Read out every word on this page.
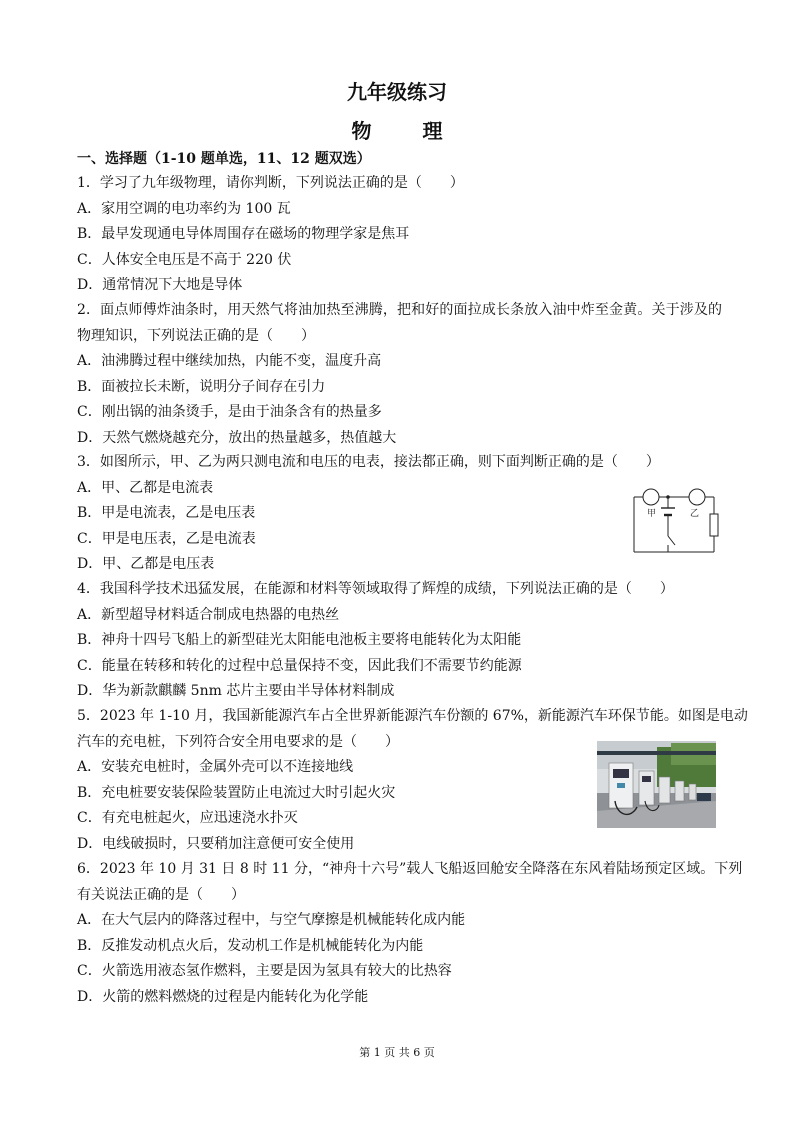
九年级练习
物 理
一、选择题（1-10 题单选，11、12 题双选）

1．学习了九年级物理，请你判断，下列说法正确的是（　　）

A．家用空调的电功率约为 100 瓦

B．最早发现通电导体周围存在磁场的物理学家是焦耳

C．人体安全电压是不高于 220 伏

D．通常情况下大地是导体

2．面点师傅炸油条时，用天然气将油加热至沸腾，把和好的面拉成长条放入油中炸至金黄。关于涉及的物理知识，下列说法正确的是（　　）

A．油沸腾过程中继续加热，内能不变，温度升高

B．面被拉长未断，说明分子间存在引力

C．刚出锅的油条烫手，是由于油条含有的热量多

D．天然气燃烧越充分，放出的热量越多，热值越大

3．如图所示，甲、乙为两只测电流和电压的电表，接法都正确，则下面判断正确的是（　　）

A．甲、乙都是电流表

B．甲是电流表，乙是电压表

C．甲是电压表，乙是电流表

D．甲、乙都是电压表

甲	乙

4．我国科学技术迅猛发展，在能源和材料等领域取得了辉煌的成绩，下列说法正确的是（　　）

A．新型超导材料适合制成电热器的电热丝

B．神舟十四号飞船上的新型硅光太阳能电池板主要将电能转化为太阳能

C．能量在转移和转化的过程中总量保持不变，因此我们不需要节约能源

D．华为新款麒麟 5nm 芯片主要由半导体材料制成

5．2023 年 1-10 月，我国新能源汽车占全世界新能源汽车份额的 67%，新能源汽车环保节能。如图是电动

汽车的充电桩，下列符合安全用电要求的是（　　）

A．安装充电桩时，金属外壳可以不连接地线

B．充电桩要安装保险装置防止电流过大时引起火灾

C．有充电桩起火，应迅速浇水扑灭

D．电线破损时，只要稍加注意便可安全使用

6．2023 年 10 月 31 日 8 时 11 分，“神舟十六号”载人飞船返回舱安全降落在东风着陆场预定区域。下列

有关说法正确的是（　　）

A．在大气层内的降落过程中，与空气摩擦是机械能转化成内能

B．反推发动机点火后，发动机工作是机械能转化为内能

C．火箭选用液态氢作燃料，主要是因为氢具有较大的比热容

D．火箭的燃料燃烧的过程是内能转化为化学能

第 1 页 共 6 页
